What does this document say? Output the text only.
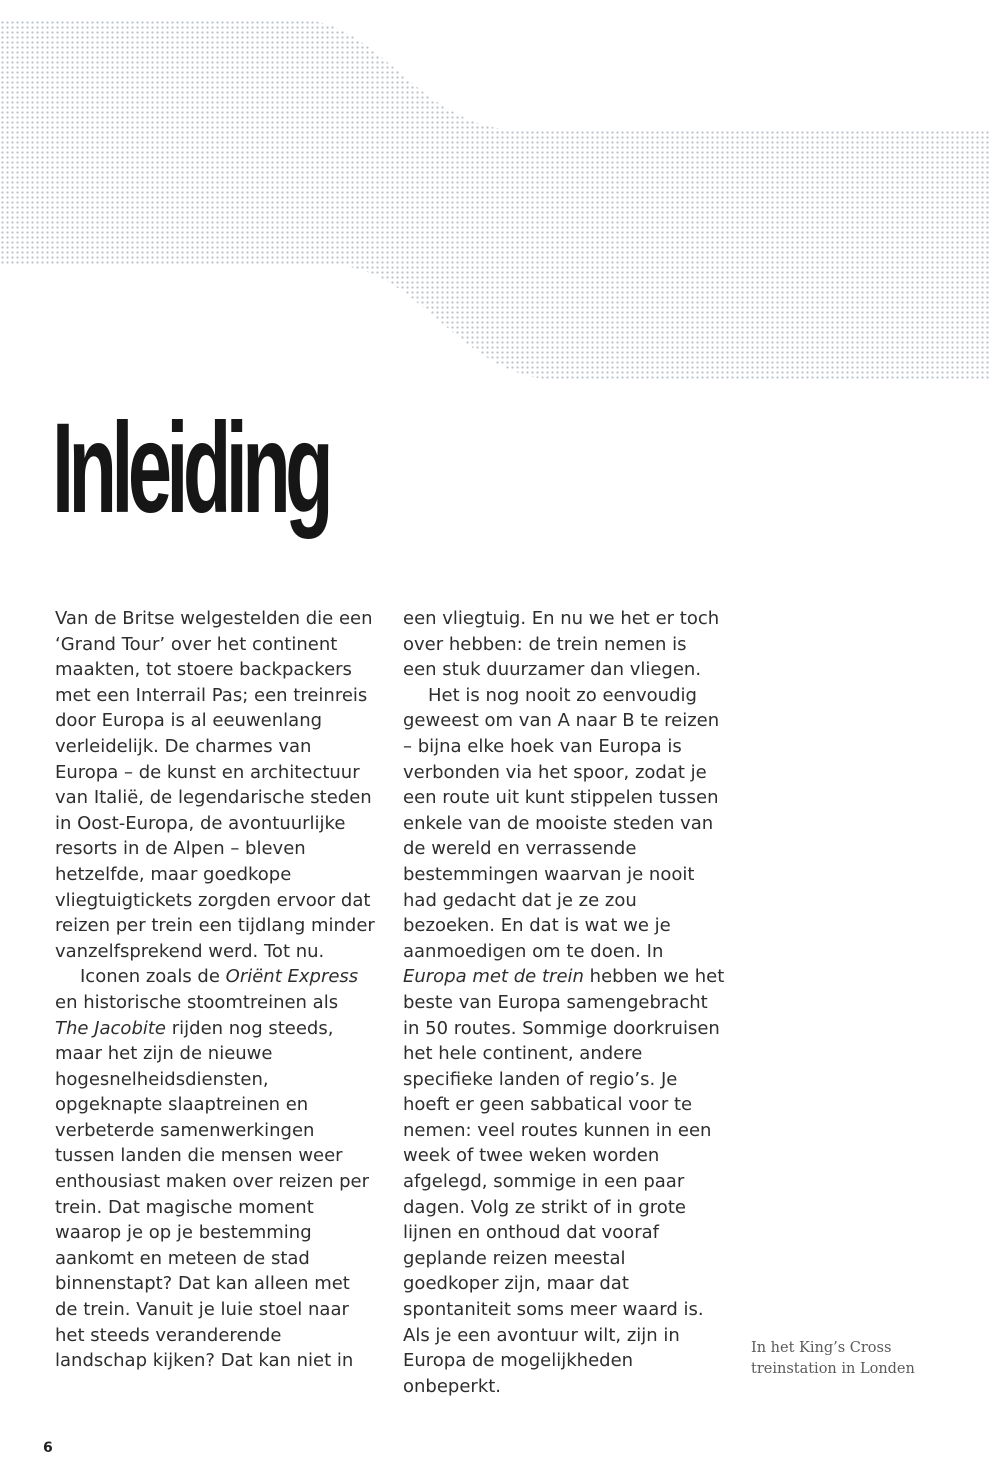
Inleiding

Van de Britse welgestelden die een ‘Grand Tour’ over het continent maakten, tot stoere backpackers met een Interrail Pas; een treinreis door Europa is al eeuwenlang verleidelijk. De charmes van Europa – de kunst en architectuur van Italië, de legendarische steden in Oost-Europa, de avontuurlijke resorts in de Alpen – bleven hetzelfde, maar goedkope vliegtuigtickets zorgden ervoor dat reizen per trein een tijdlang minder vanzelfsprekend werd. Tot nu.

Iconen zoals de Oriënt Express en historische stoomtreinen als The Jacobite rijden nog steeds, maar het zijn de nieuwe hogesnelheidsdiensten, opgeknapte slaaptreinen en verbeterde samenwerkingen tussen landen die mensen weer enthousiast maken over reizen per trein. Dat magische moment waarop je op je bestemming aankomt en meteen de stad binnenstapt? Dat kan alleen met de trein. Vanuit je luie stoel naar het steeds veranderende landschap kijken? Dat kan niet in

een vliegtuig. En nu we het er toch over hebben: de trein nemen is een stuk duurzamer dan vliegen.

Het is nog nooit zo eenvoudig geweest om van A naar B te reizen – bijna elke hoek van Europa is verbonden via het spoor, zodat je een route uit kunt stippelen tussen enkele van de mooiste steden van de wereld en verrassende bestemmingen waarvan je nooit had gedacht dat je ze zou bezoeken. En dat is wat we je aanmoedigen om te doen. In Europa met de trein hebben we het beste van Europa samengebracht in 50 routes. Sommige doorkruisen het hele continent, andere specifieke landen of regio’s. Je hoeft er geen sabbatical voor te nemen: veel routes kunnen in een week of twee weken worden afgelegd, sommige in een paar dagen. Volg ze strikt of in grote lijnen en onthoud dat vooraf geplande reizen meestal goedkoper zijn, maar dat spontaniteit soms meer waard is. Als je een avontuur wilt, zijn in Europa de mogelijkheden onbeperkt.

In het King’s Cross treinstation in Londen
6
